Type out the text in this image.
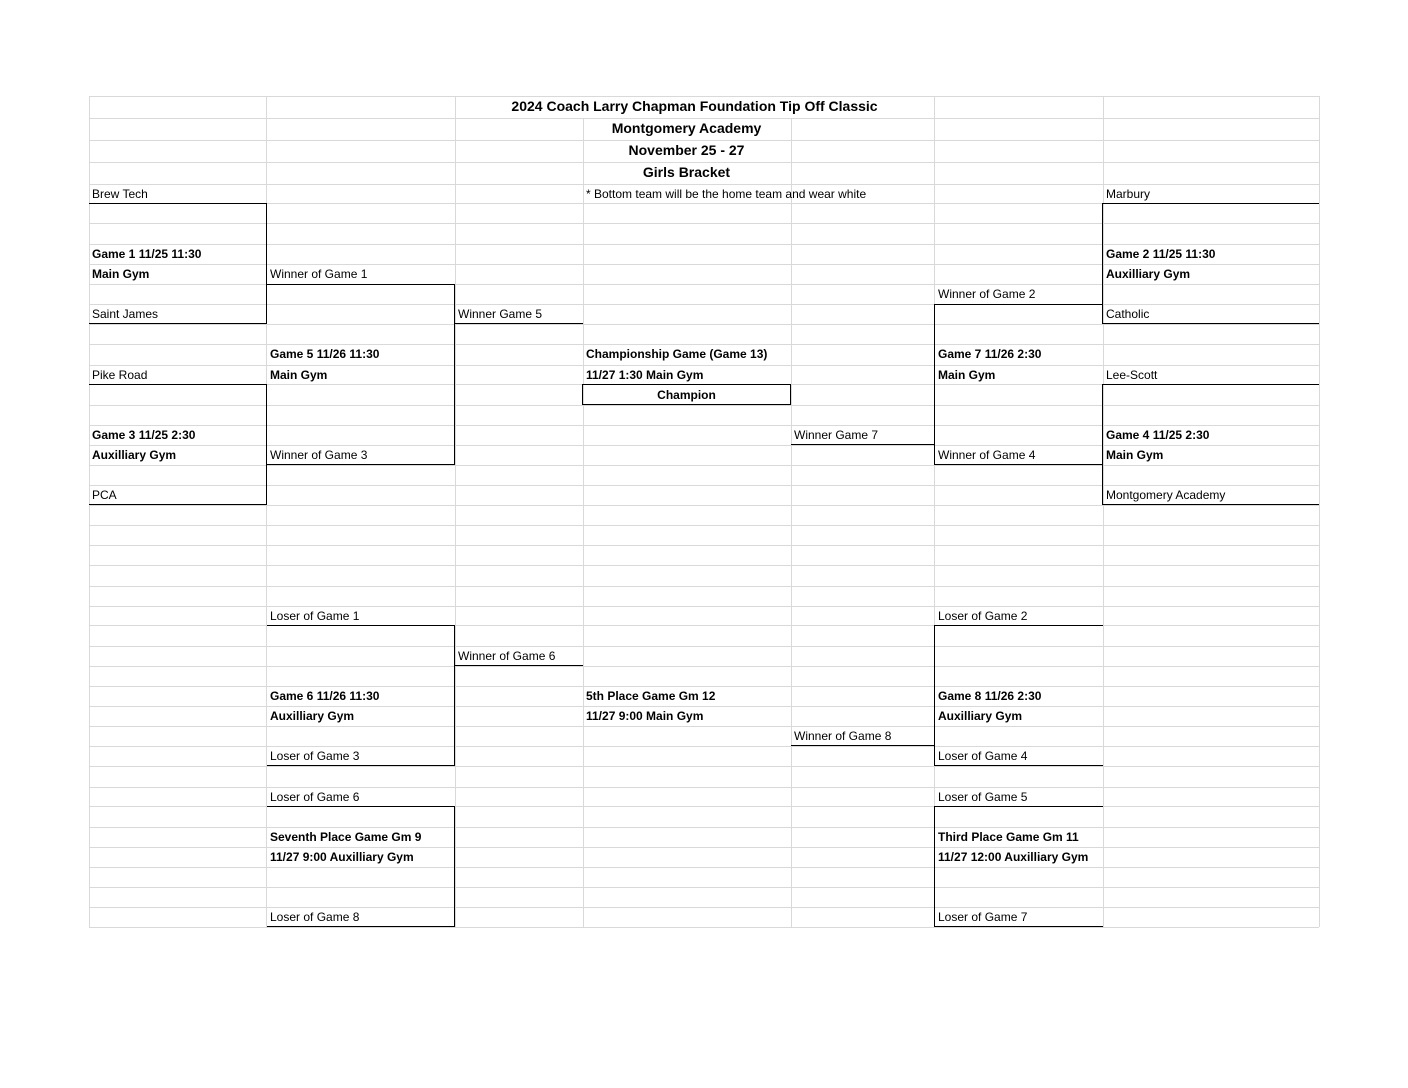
2024 Coach Larry Chapman Foundation Tip Off Classic
Montgomery Academy
November 25 - 27
Girls Bracket
* Bottom team will be the home team and wear white
Brew Tech
Game 1 11/25 11:30
Main Gym
Saint James
Pike Road
Game 3 11/25 2:30
Auxilliary Gym
PCA
Winner of Game 1
Game 5 11/26 11:30
Main Gym
Winner of Game 3
Winner Game 5
Championship Game (Game 13)
11/27 1:30 Main Gym
Champion
Winner Game 7
Winner of Game 2
Game 7 11/26 2:30
Main Gym
Winner of Game 4
Marbury
Game 2 11/25 11:30
Auxilliary Gym
Catholic
Lee-Scott
Game 4 11/25 2:30
Main Gym
Montgomery Academy
Loser of Game 1
Winner of Game 6
Game 6 11/26 11:30
Auxilliary Gym
Loser of Game 3
5th Place Game Gm 12
11/27 9:00 Main Gym
Winner of Game 8
Loser of Game 2
Game 8 11/26 2:30
Auxilliary Gym
Loser of Game 4
Loser of Game 6
Seventh Place Game Gm 9
11/27 9:00 Auxilliary Gym
Loser of Game 8
Loser of Game 5
Third Place Game Gm 11
11/27 12:00 Auxilliary Gym
Loser of Game 7
